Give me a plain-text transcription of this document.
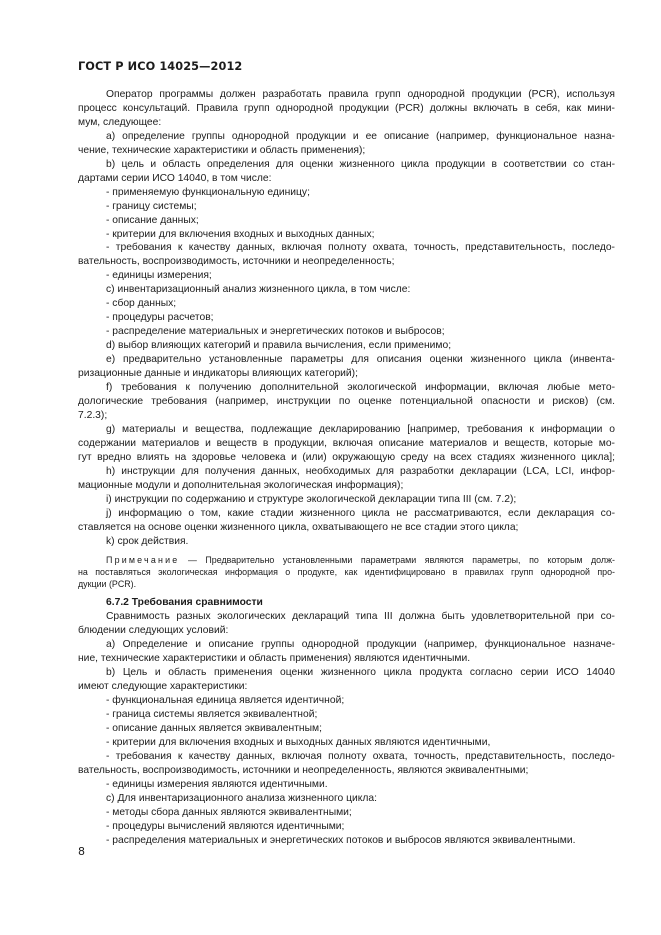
ГОСТ Р ИСО 14025—2012

Оператор программы должен разработать правила групп однородной продукции (PCR), используя

процесс консультаций. Правила групп однородной продукции (PCR) должны включать в себя, как мини-

мум, следующее:

а) определение группы однородной продукции и ее описание (например, функциональное назна-

чение, технические характеристики и область применения);

b) цель и область определения для оценки жизненного цикла продукции в соответствии со стан-

дартами серии ИСО 14040, в том числе:

- применяемую функциональную единицу;

- границу системы;

- описание данных;

- критерии для включения входных и выходных данных;

- требования к качеству данных, включая полноту охвата, точность, представительность, последо-

вательность, воспроизводимость, источники и неопределенность;

- единицы измерения;

с) инвентаризационный анализ жизненного цикла, в том числе:

- сбор данных;

- процедуры расчетов;

- распределение материальных и энергетических потоков и выбросов;

d) выбор влияющих категорий и правила вычисления, если применимо;

е) предварительно установленные параметры для описания оценки жизненного цикла (инвента-

ризационные данные и индикаторы влияющих категорий);

f) требования к получению дополнительной экологической информации, включая любые мето-

дологические требования (например, инструкции по оценке потенциальной опасности и рисков) (см.

7.2.3);

g) материалы и вещества, подлежащие декларированию [например, требования к информации о

содержании материалов и веществ в продукции, включая описание материалов и веществ, которые мо-

гут вредно влиять на здоровье человека и (или) окружающую среду на всех стадиях жизненного цикла];

h) инструкции для получения данных, необходимых для разработки декларации (LCA, LCI, инфор-

мационные модули и дополнительная экологическая информация);

i) инструкции по содержанию и структуре экологической декларации типа III (см. 7.2);

j) информацию о том, какие стадии жизненного цикла не рассматриваются, если декларация со-

ставляется на основе оценки жизненного цикла, охватывающего не все стадии этого цикла;

k) срок действия.

Примечание — Предварительно установленными параметрами являются параметры, по которым долж-

на поставляться экологическая информация о продукте, как идентифицировано в правилах групп однородной про-

дукции (PCR).

6.7.2 Требования сравнимости

Сравнимость разных экологических деклараций типа III должна быть удовлетворительной при со-

блюдении следующих условий:

а) Определение и описание группы однородной продукции (например, функциональное назначе-

ние, технические характеристики и область применения) являются идентичными.

b) Цель и область применения оценки жизненного цикла продукта согласно серии ИСО 14040

имеют следующие характеристики:

- функциональная единица является идентичной;

- граница системы является эквивалентной;

- описание данных является эквивалентным;

- критерии для включения входных и выходных данных являются идентичными,

- требования к качеству данных, включая полноту охвата, точность, представительность, последо-

вательность, воспроизводимость, источники и неопределенность, являются эквивалентными;

- единицы измерения являются идентичными.

с) Для инвентаризационного анализа жизненного цикла:

- методы сбора данных являются эквивалентными;

- процедуры вычислений являются идентичными;

- распределения материальных и энергетических потоков и выбросов являются эквивалентными.

8
